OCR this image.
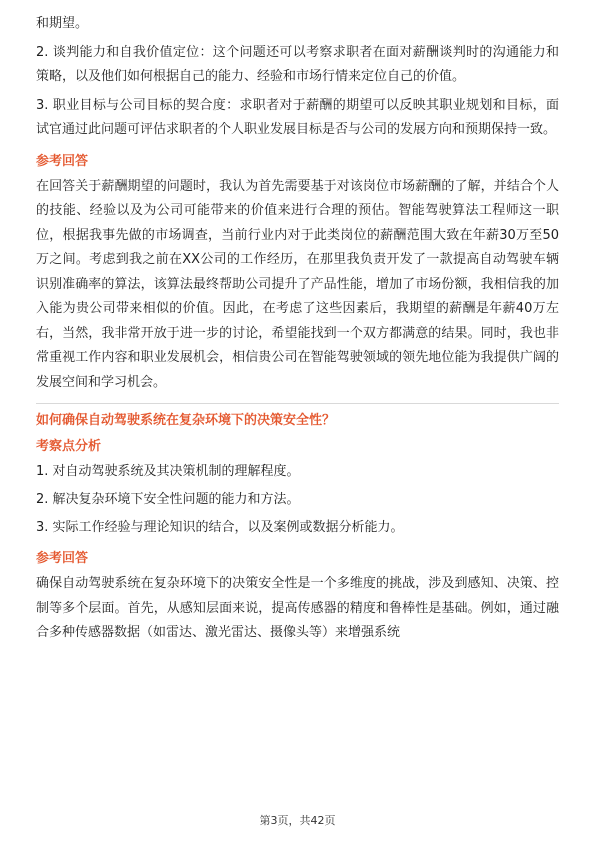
和期望。
2. 谈判能力和自我价值定位：这个问题还可以考察求职者在面对薪酬谈判时的沟通能力和策略，以及他们如何根据自己的能力、经验和市场行情来定位自己的价值。
3. 职业目标与公司目标的契合度：求职者对于薪酬的期望可以反映其职业规划和目标，面试官通过此问题可评估求职者的个人职业发展目标是否与公司的发展方向和预期保持一致。
参考回答
在回答关于薪酬期望的问题时，我认为首先需要基于对该岗位市场薪酬的了解，并结合个人的技能、经验以及为公司可能带来的价值来进行合理的预估。智能驾驶算法工程师这一职位，根据我事先做的市场调查，当前行业内对于此类岗位的薪酬范围大致在年薪30万至50万之间。考虑到我之前在XX公司的工作经历，在那里我负责开发了一款提高自动驾驶车辆识别准确率的算法，该算法最终帮助公司提升了产品性能，增加了市场份额，我相信我的加入能为贵公司带来相似的价值。因此，在考虑了这些因素后，我期望的薪酬是年薪40万左右，当然，我非常开放于进一步的讨论，希望能找到一个双方都满意的结果。同时，我也非常重视工作内容和职业发展机会，相信贵公司在智能驾驶领域的领先地位能为我提供广阔的发展空间和学习机会。
如何确保自动驾驶系统在复杂环境下的决策安全性？
考察点分析
1. 对自动驾驶系统及其决策机制的理解程度。
2. 解决复杂环境下安全性问题的能力和方法。
3. 实际工作经验与理论知识的结合，以及案例或数据分析能力。
参考回答
确保自动驾驶系统在复杂环境下的决策安全性是一个多维度的挑战，涉及到感知、决策、控制等多个层面。首先，从感知层面来说，提高传感器的精度和鲁棒性是基础。例如，通过融合多种传感器数据（如雷达、激光雷达、摄像头等）来增强系统
第3页，共42页
